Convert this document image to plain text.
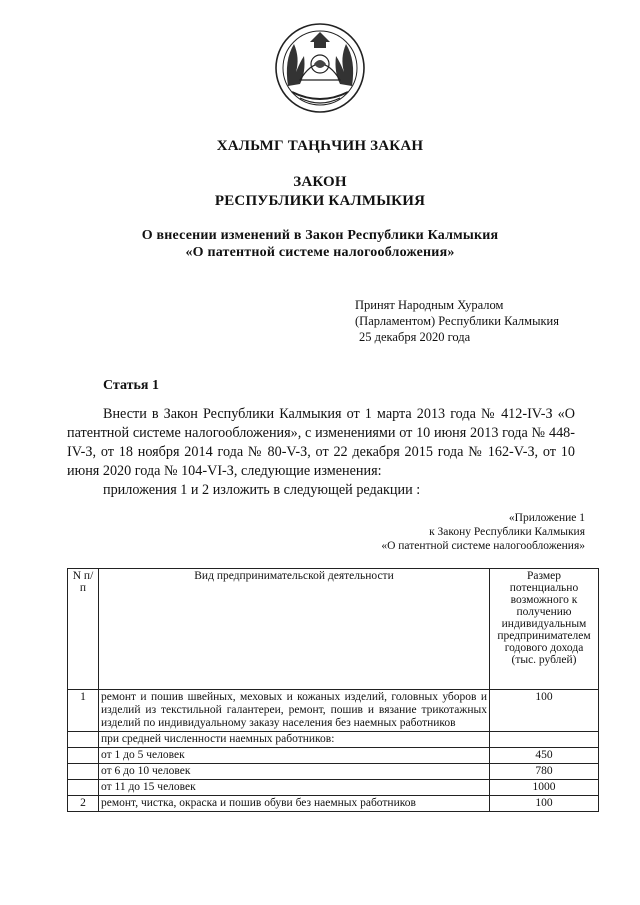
ХАЛЬМГ ТАҢҺЧИН ЗАКАН
ЗАКОН
РЕСПУБЛИКИ КАЛМЫКИЯ
О внесении изменений в Закон Республики Калмыкия
«О патентной системе налогообложения»
Принят Народным Хуралом
(Парламентом) Республики Калмыкия
25 декабря 2020 года
Статья 1

Внести в Закон Республики Калмыкия от 1 марта 2013 года № 412-IV-З «О патентной системе налогообложения», с изменениями от 10 июня 2013 года № 448-IV-З, от 18 ноября 2014 года № 80-V-З, от 22 декабря 2015 года № 162-V-З, от 10 июня 2020 года № 104-VI-З, следующие изменения:

приложения 1 и 2 изложить в следующей редакции :

«Приложение 1
к Закону Республики Калмыкия
«О патентной системе налогообложения»
N п/п	Вид предпринимательской деятельности	Размер потенциально возможного к получению индивидуальным предпринимателем годового дохода (тыс. рублей)
1	ремонт и пошив швейных, меховых и кожаных изделий, головных уборов и изделий из текстильной галантереи, ремонт, пошив и вязание трикотажных изделий по индивидуальному заказу населения без наемных работников	100
	при средней численности наемных работников:	
	от 1 до 5 человек	450
	от 6 до 10 человек	780
	от 11 до 15 человек	1000
2	ремонт, чистка, окраска и пошив обуви без наемных работников	100
